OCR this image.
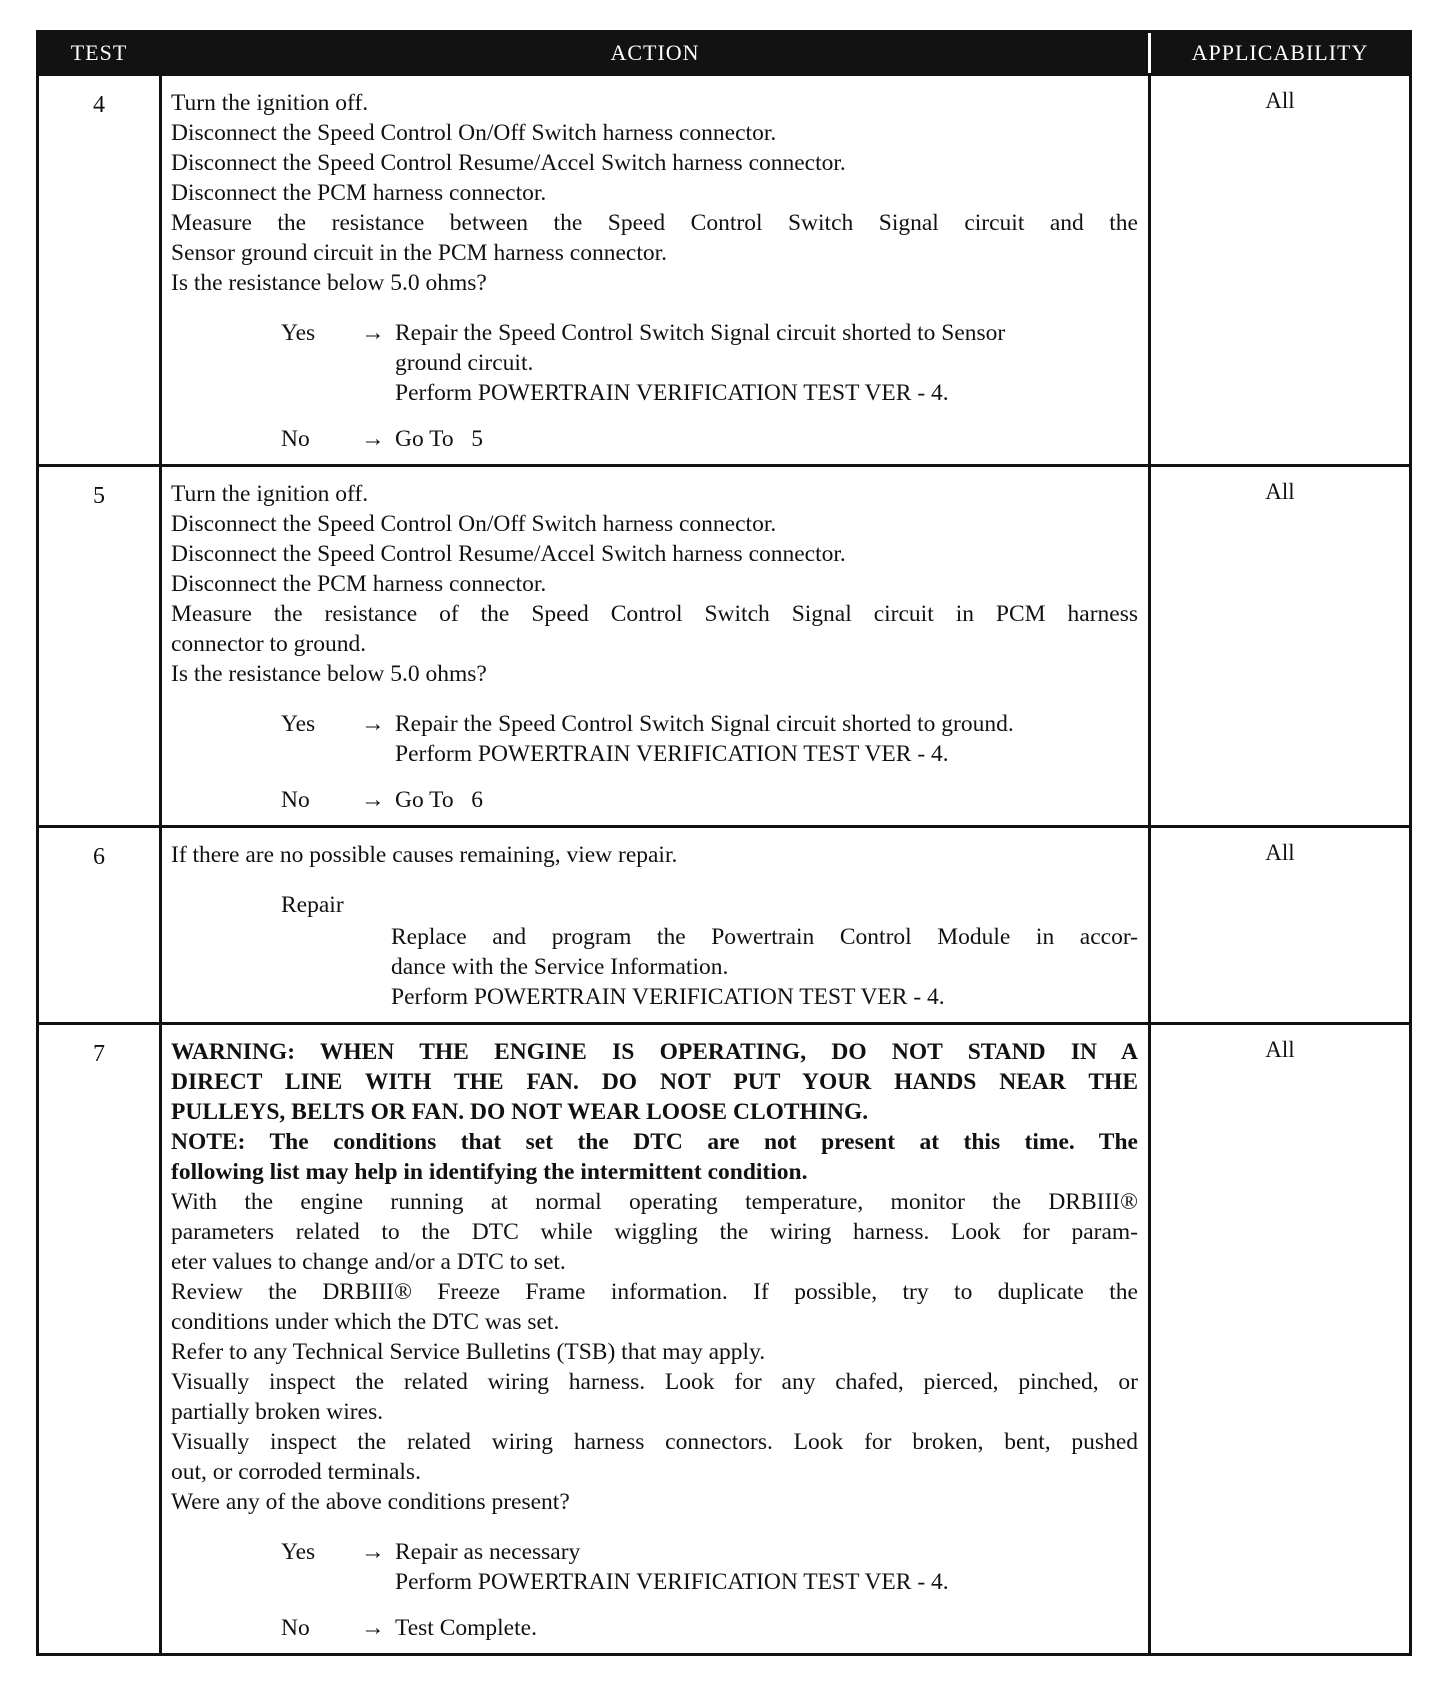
TEST	ACTION	APPLICABILITY
4	Turn the ignition off.
Disconnect the Speed Control On/Off Switch harness connector.
Disconnect the Speed Control Resume/Accel Switch harness connector.
Disconnect the PCM harness connector.
Measure the resistance between the Speed Control Switch Signal circuit and the
Sensor ground circuit in the PCM harness connector.
Is the resistance below 5.0 ohms?
Yes	→ Repair the Speed Control Switch Signal circuit shorted to Sensor
ground circuit.
Perform POWERTRAIN VERIFICATION TEST VER - 4.
No	→ Go To   5
All
5	Turn the ignition off.
Disconnect the Speed Control On/Off Switch harness connector.
Disconnect the Speed Control Resume/Accel Switch harness connector.
Disconnect the PCM harness connector.
Measure the resistance of the Speed Control Switch Signal circuit in PCM harness
connector to ground.
Is the resistance below 5.0 ohms?
Yes	→ Repair the Speed Control Switch Signal circuit shorted to ground.
Perform POWERTRAIN VERIFICATION TEST VER - 4.
No	→ Go To   6
All
6	If there are no possible causes remaining, view repair.
Repair
Replace and program the Powertrain Control Module in accor-
dance with the Service Information.
Perform POWERTRAIN VERIFICATION TEST VER - 4.
All
7	WARNING: WHEN THE ENGINE IS OPERATING, DO NOT STAND IN A
DIRECT LINE WITH THE FAN. DO NOT PUT YOUR HANDS NEAR THE
PULLEYS, BELTS OR FAN. DO NOT WEAR LOOSE CLOTHING.
NOTE: The conditions that set the DTC are not present at this time. The
following list may help in identifying the intermittent condition.
With the engine running at normal operating temperature, monitor the DRBIII®
parameters related to the DTC while wiggling the wiring harness. Look for param-
eter values to change and/or a DTC to set.
Review the DRBIII® Freeze Frame information. If possible, try to duplicate the
conditions under which the DTC was set.
Refer to any Technical Service Bulletins (TSB) that may apply.
Visually inspect the related wiring harness. Look for any chafed, pierced, pinched, or
partially broken wires.
Visually inspect the related wiring harness connectors. Look for broken, bent, pushed
out, or corroded terminals.
Were any of the above conditions present?
Yes	→ Repair as necessary
Perform POWERTRAIN VERIFICATION TEST VER - 4.
No	→ Test Complete.
All
